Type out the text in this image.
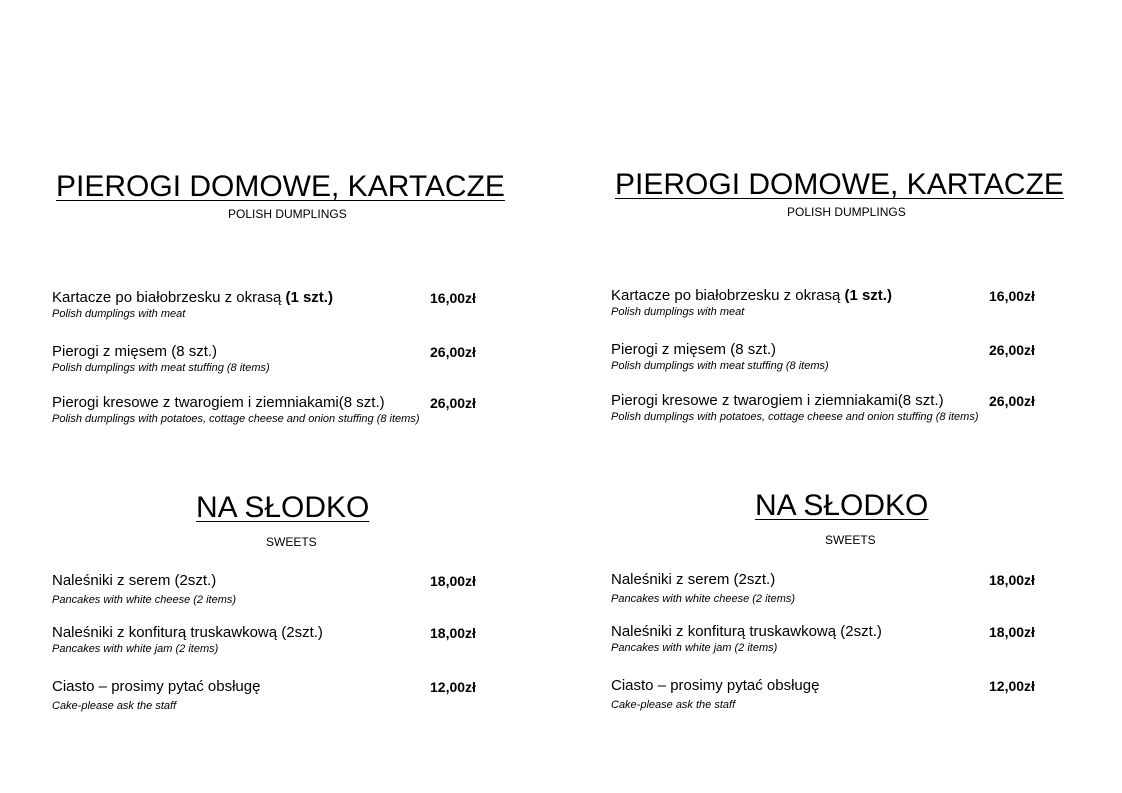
PIEROGI DOMOWE, KARTACZE
POLISH DUMPLINGS
Kartacze po białobrzesku z okrasą (1 szt.)	16,00zł
Polish dumplings with meat
Pierogi z mięsem (8 szt.)	26,00zł
Polish dumplings with meat stuffing (8 items)
Pierogi kresowe z twarogiem i ziemniakami(8 szt.)	26,00zł
Polish dumplings with potatoes, cottage cheese and onion stuffing (8 items)
NA SŁODKO
SWEETS
Naleśniki z serem (2szt.)	18,00zł
Pancakes with white cheese (2 items)
Naleśniki z konfiturą truskawkową (2szt.)	18,00zł
Pancakes with white jam (2 items)
Ciasto – prosimy pytać obsługę	12,00zł
Cake-please ask the staff
PIEROGI DOMOWE, KARTACZE
POLISH DUMPLINGS
Kartacze po białobrzesku z okrasą (1 szt.)	16,00zł
Polish dumplings with meat
Pierogi z mięsem (8 szt.)	26,00zł
Polish dumplings with meat stuffing (8 items)
Pierogi kresowe z twarogiem i ziemniakami(8 szt.)	26,00zł
Polish dumplings with potatoes, cottage cheese and onion stuffing (8 items)
NA SŁODKO
SWEETS
Naleśniki z serem (2szt.)	18,00zł
Pancakes with white cheese (2 items)
Naleśniki z konfiturą truskawkową (2szt.)	18,00zł
Pancakes with white jam (2 items)
Ciasto – prosimy pytać obsługę	12,00zł
Cake-please ask the staff
